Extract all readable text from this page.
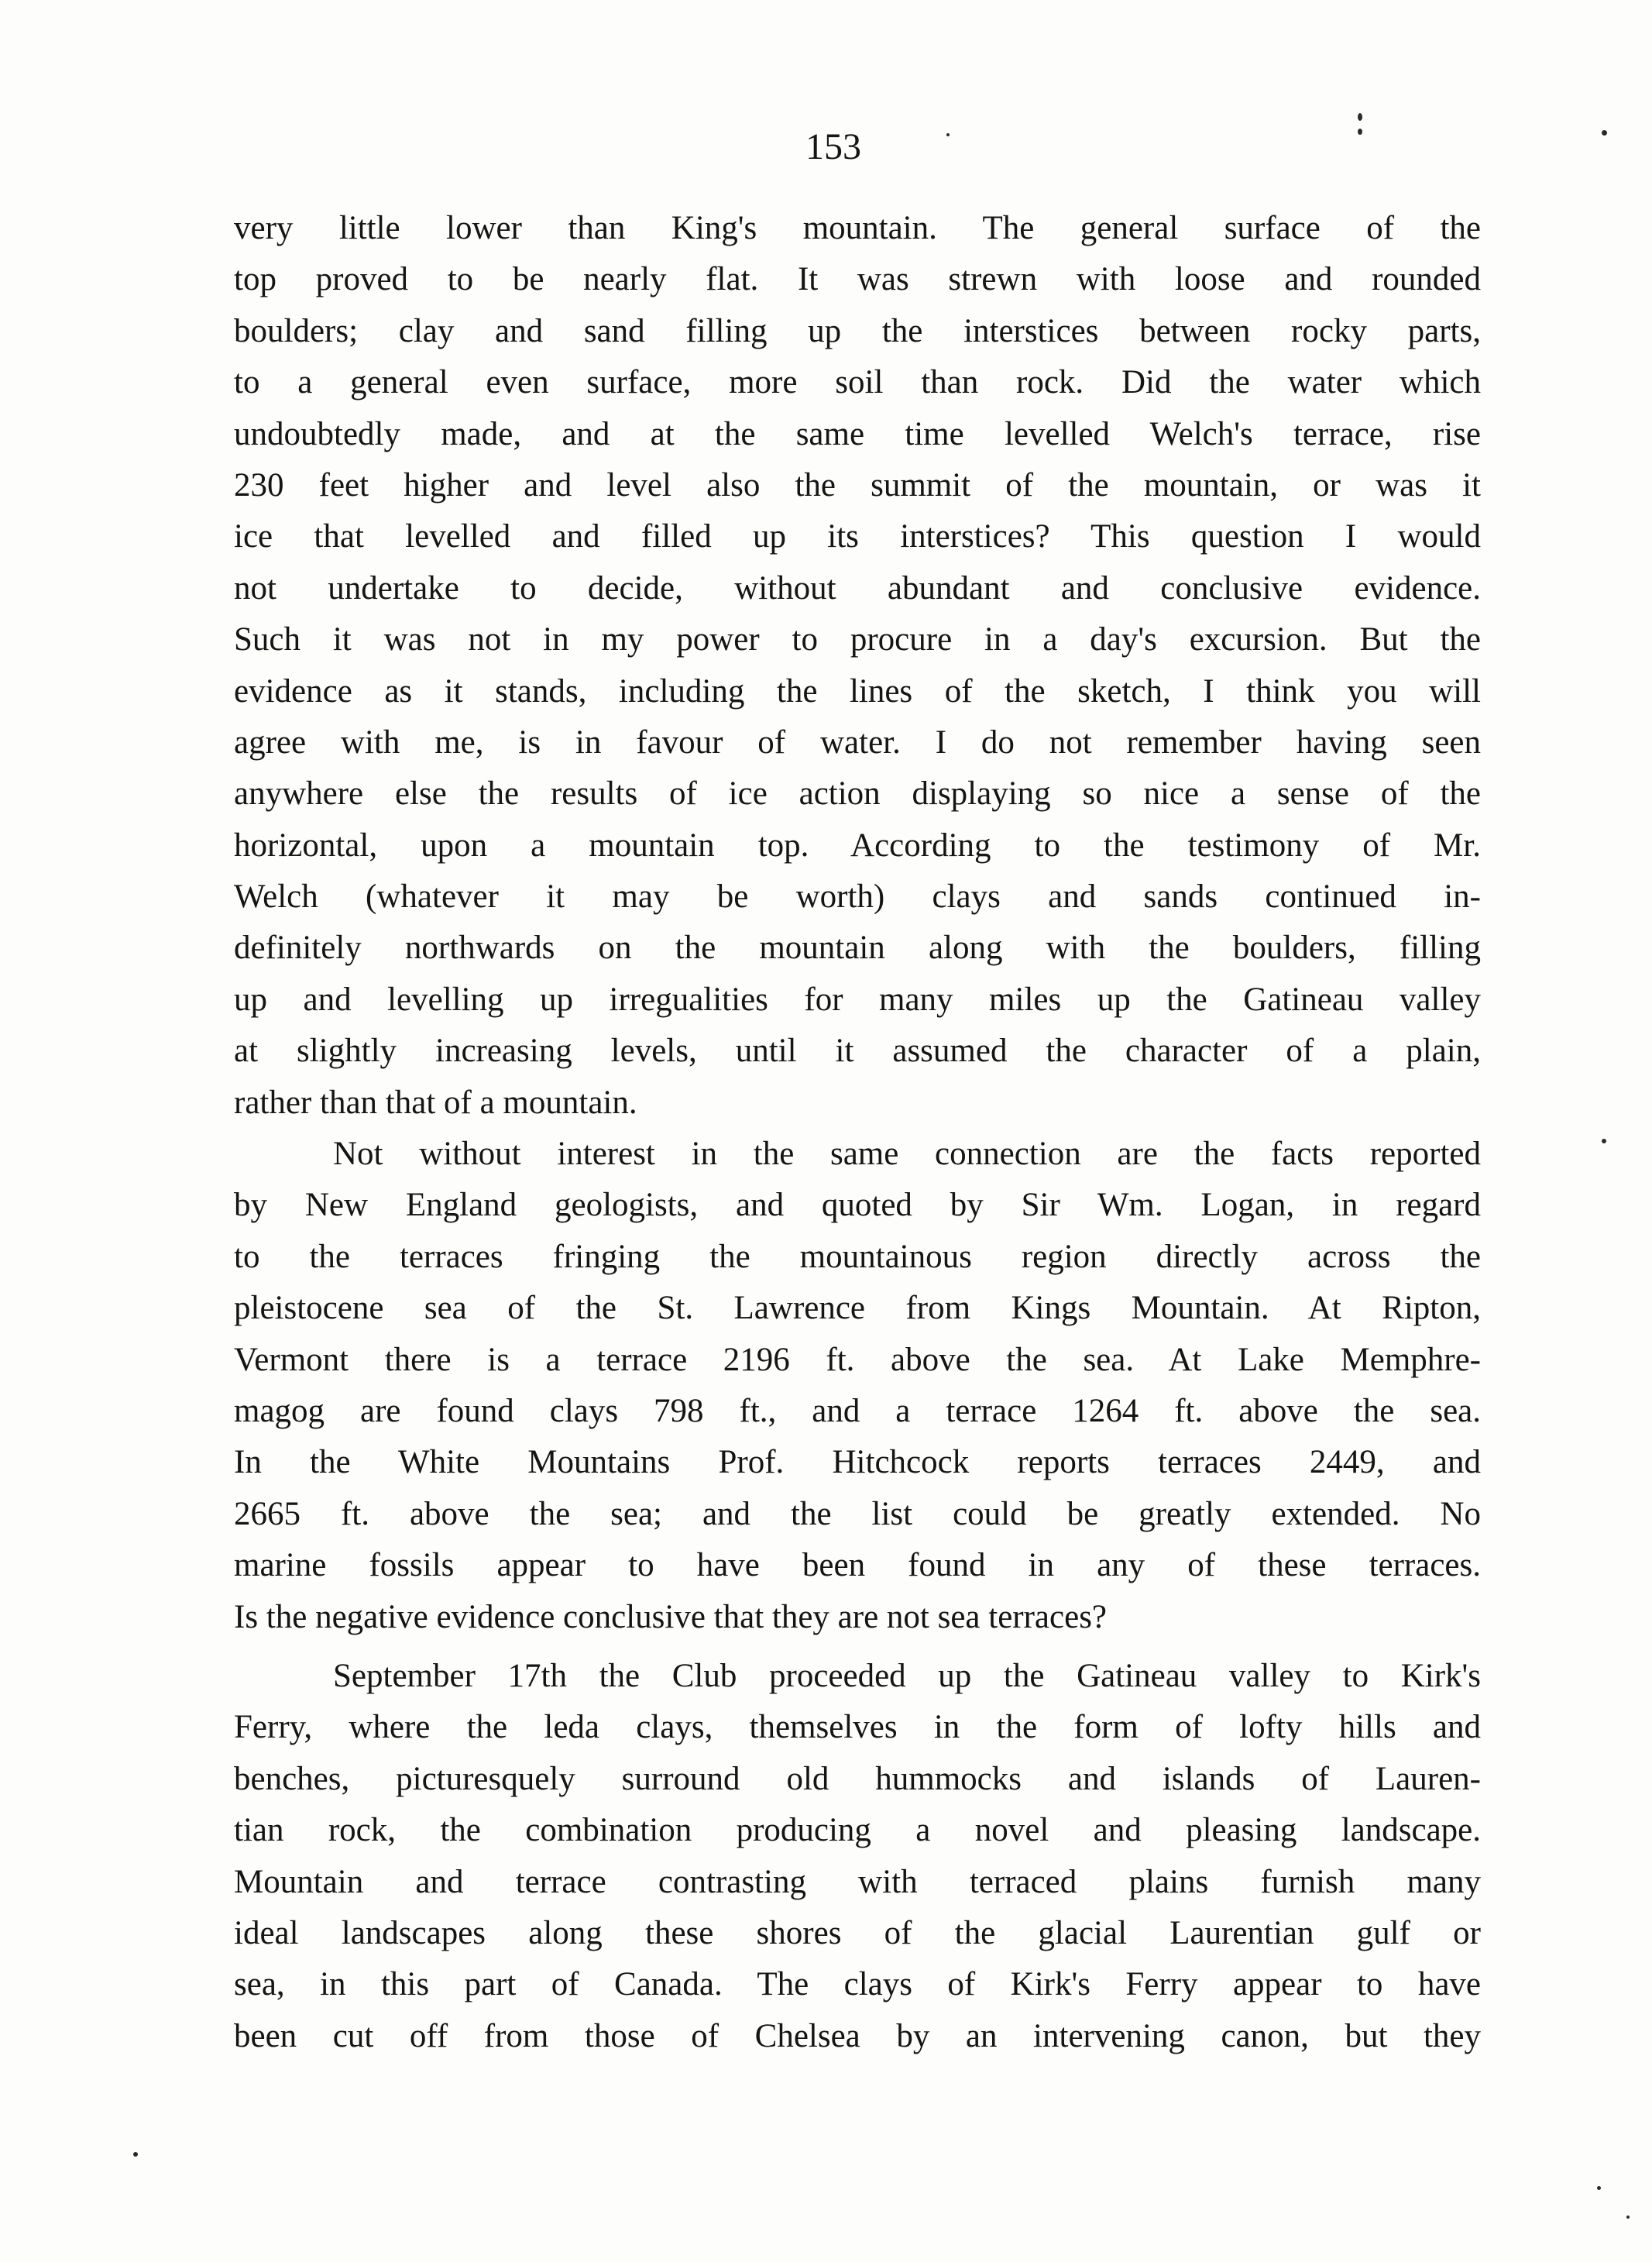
153
very little lower than King's mountain. The general surface of the
top proved to be nearly flat. It was strewn with loose and rounded
boulders; clay and sand filling up the interstices between rocky parts,
to a general even surface, more soil than rock. Did the water which
undoubtedly made, and at the same time levelled Welch's terrace, rise
230 feet higher and level also the summit of the mountain, or was it
ice that levelled and filled up its interstices? This question I would
not undertake to decide, without abundant and conclusive evidence.
Such it was not in my power to procure in a day's excursion. But the
evidence as it stands, including the lines of the sketch, I think you will
agree with me, is in favour of water. I do not remember having seen
anywhere else the results of ice action displaying so nice a sense of the
horizontal, upon a mountain top. According to the testimony of Mr.
Welch (whatever it may be worth) clays and sands continued in-
definitely northwards on the mountain along with the boulders, filling
up and levelling up irregualities for many miles up the Gatineau valley
at slightly increasing levels, until it assumed the character of a plain,
rather than that of a mountain.
Not without interest in the same connection are the facts reported
by New England geologists, and quoted by Sir Wm. Logan, in regard
to the terraces fringing the mountainous region directly across the
pleistocene sea of the St. Lawrence from Kings Mountain. At Ripton,
Vermont there is a terrace 2196 ft. above the sea. At Lake Memphre-
magog are found clays 798 ft., and a terrace 1264 ft. above the sea.
In the White Mountains Prof. Hitchcock reports terraces 2449, and
2665 ft. above the sea; and the list could be greatly extended. No
marine fossils appear to have been found in any of these terraces.
Is the negative evidence conclusive that they are not sea terraces?
September 17th the Club proceeded up the Gatineau valley to Kirk's
Ferry, where the leda clays, themselves in the form of lofty hills and
benches, picturesquely surround old hummocks and islands of Lauren-
tian rock, the combination producing a novel and pleasing landscape.
Mountain and terrace contrasting with terraced plains furnish many
ideal landscapes along these shores of the glacial Laurentian gulf or
sea, in this part of Canada. The clays of Kirk's Ferry appear to have
been cut off from those of Chelsea by an intervening canon, but they
